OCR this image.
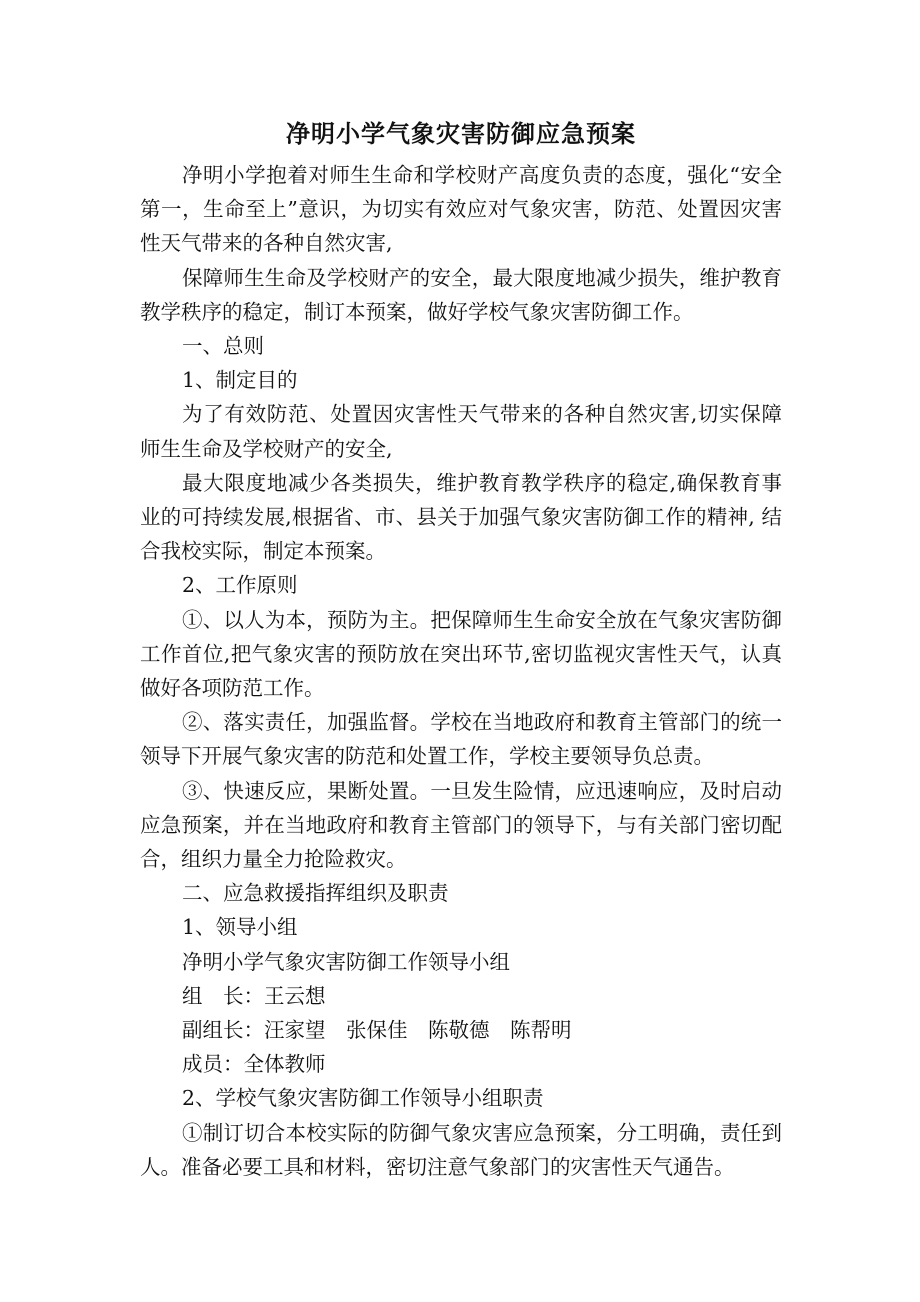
净明小学气象灾害防御应急预案

净明小学抱着对师生生命和学校财产高度负责的态度，强化“安全第一，生命至上”意识，为切实有效应对气象灾害，防范、处置因灾害性天气带来的各种自然灾害,

保障师生生命及学校财产的安全，最大限度地减少损失，维护教育教学秩序的稳定，制订本预案，做好学校气象灾害防御工作。

一、总则

1、制定目的

为了有效防范、处置因灾害性天气带来的各种自然灾害,切实保障师生生命及学校财产的安全,

最大限度地减少各类损失，维护教育教学秩序的稳定,确保教育事业的可持续发展,根据省、市、县关于加强气象灾害防御工作的精神, 结合我校实际，制定本预案。

2、工作原则

①、以人为本，预防为主。把保障师生生命安全放在气象灾害防御工作首位,把气象灾害的预防放在突出环节,密切监视灾害性天气，认真做好各项防范工作。

②、落实责任，加强监督。学校在当地政府和教育主管部门的统一领导下开展气象灾害的防范和处置工作，学校主要领导负总责。

③、快速反应，果断处置。一旦发生险情，应迅速响应，及时启动应急预案，并在当地政府和教育主管部门的领导下，与有关部门密切配合，组织力量全力抢险救灾。

二、应急救援指挥组织及职责

1、领导小组

净明小学气象灾害防御工作领导小组

组　长：王云想

副组长：汪家望　张保佳　陈敬德　陈帮明

成员：全体教师

2、学校气象灾害防御工作领导小组职责

①制订切合本校实际的防御气象灾害应急预案，分工明确，责任到人。准备必要工具和材料，密切注意气象部门的灾害性天气通告。
